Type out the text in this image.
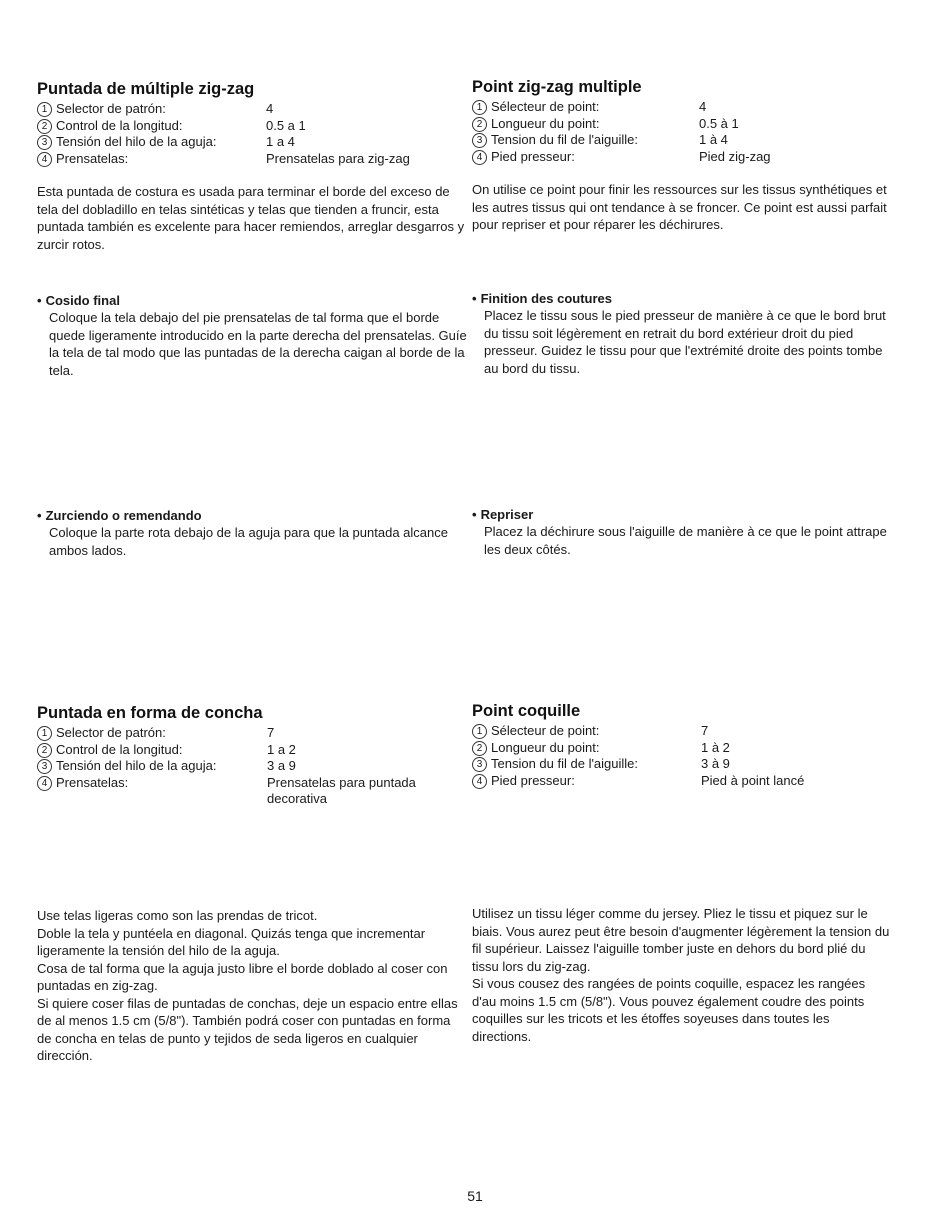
Puntada de múltiple zig-zag
1 Selector de patrón:	4
2 Control de la longitud:	0.5 a 1
3 Tensión del hilo de la aguja:	1 a 4
4 Prensatelas:	Prensatelas para zig-zag

Esta puntada de costura es usada para terminar el borde del exceso de tela del dobladillo en telas sintéticas y telas que tienden a fruncir, esta puntada también es excelente para hacer remiendos, arreglar desgarros y zurcir rotos.

• Cosido final

Coloque la tela debajo del pie prensatelas de tal forma que el borde quede ligeramente introducido en la parte derecha del prensatelas. Guíe la tela de tal modo que las puntadas de la derecha caigan al borde de la tela.

• Zurciendo o remendando

Coloque la parte rota debajo de la aguja para que la puntada alcance ambos lados.

Puntada en forma de concha
1 Selector de patrón:	7
2 Control de la longitud:	1 a 2
3 Tensión del hilo de la aguja:	3 a 9
4 Prensatelas:	Prensatelas para puntada decorativa

Use telas ligeras como son las prendas de tricot.

Doble la tela y puntéela en diagonal. Quizás tenga que incrementar ligeramente la tensión del hilo de la aguja.

Cosa de tal forma que la aguja justo libre el borde doblado al coser con puntadas en zig-zag.

Si quiere coser filas de puntadas de conchas, deje un espacio entre ellas de al menos 1.5 cm (5/8"). También podrá coser con puntadas en forma de concha en telas de punto y tejidos de seda ligeros en cualquier dirección.

Point zig-zag multiple
1 Sélecteur de point:	4
2 Longueur du point:	0.5 à 1
3 Tension du fil de l'aiguille:	1 à 4
4 Pied presseur:	Pied zig-zag

On utilise ce point pour finir les ressources sur les tissus synthétiques et les autres tissus qui ont tendance à se froncer. Ce point est aussi parfait pour repriser et pour réparer les déchirures.

• Finition des coutures

Placez le tissu sous le pied presseur de manière à ce que le bord brut du tissu soit légèrement en retrait du bord extérieur droit du pied presseur. Guidez le tissu pour que l'extrémité droite des points tombe au bord du tissu.

• Repriser

Placez la déchirure sous l'aiguille de manière à ce que le point attrape les deux côtés.

Point coquille
1 Sélecteur de point:	7
2 Longueur du point:	1 à 2
3 Tension du fil de l'aiguille:	3 à 9
4 Pied presseur:	Pied à point lancé

Utilisez un tissu léger comme du jersey. Pliez le tissu et piquez sur le biais. Vous aurez peut être besoin d'augmenter légèrement la tension du fil supérieur. Laissez l'aiguille tomber juste en dehors du bord plié du tissu lors du zig-zag.

Si vous cousez des rangées de points coquille, espacez les rangées d'au moins 1.5 cm (5/8"). Vous pouvez également coudre des points coquilles sur les tricots et les étoffes soyeuses dans toutes les directions.

51
